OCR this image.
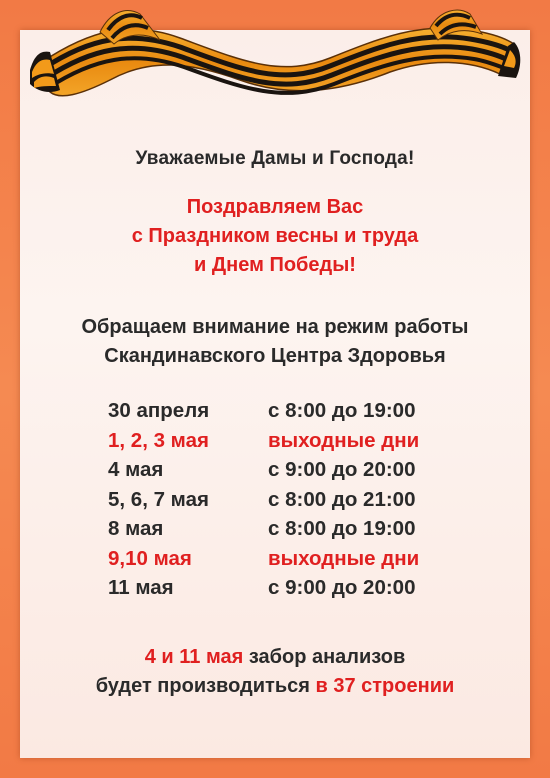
Уважаемые Дамы и Господа!
Поздравляем Вас
с Праздником весны и труда
и Днем Победы!
Обращаем внимание на режим работы
Скандинавского Центра Здоровья
30 апреля	с 8:00 до 19:00
1, 2, 3 мая	выходные дни
4 мая	с 9:00 до 20:00
5, 6, 7 мая	с 8:00 до 21:00
8 мая	с 8:00 до 19:00
9,10 мая	выходные дни
11 мая	с 9:00 до 20:00
4 и 11 мая забор анализов
будет производиться в 37 строении
